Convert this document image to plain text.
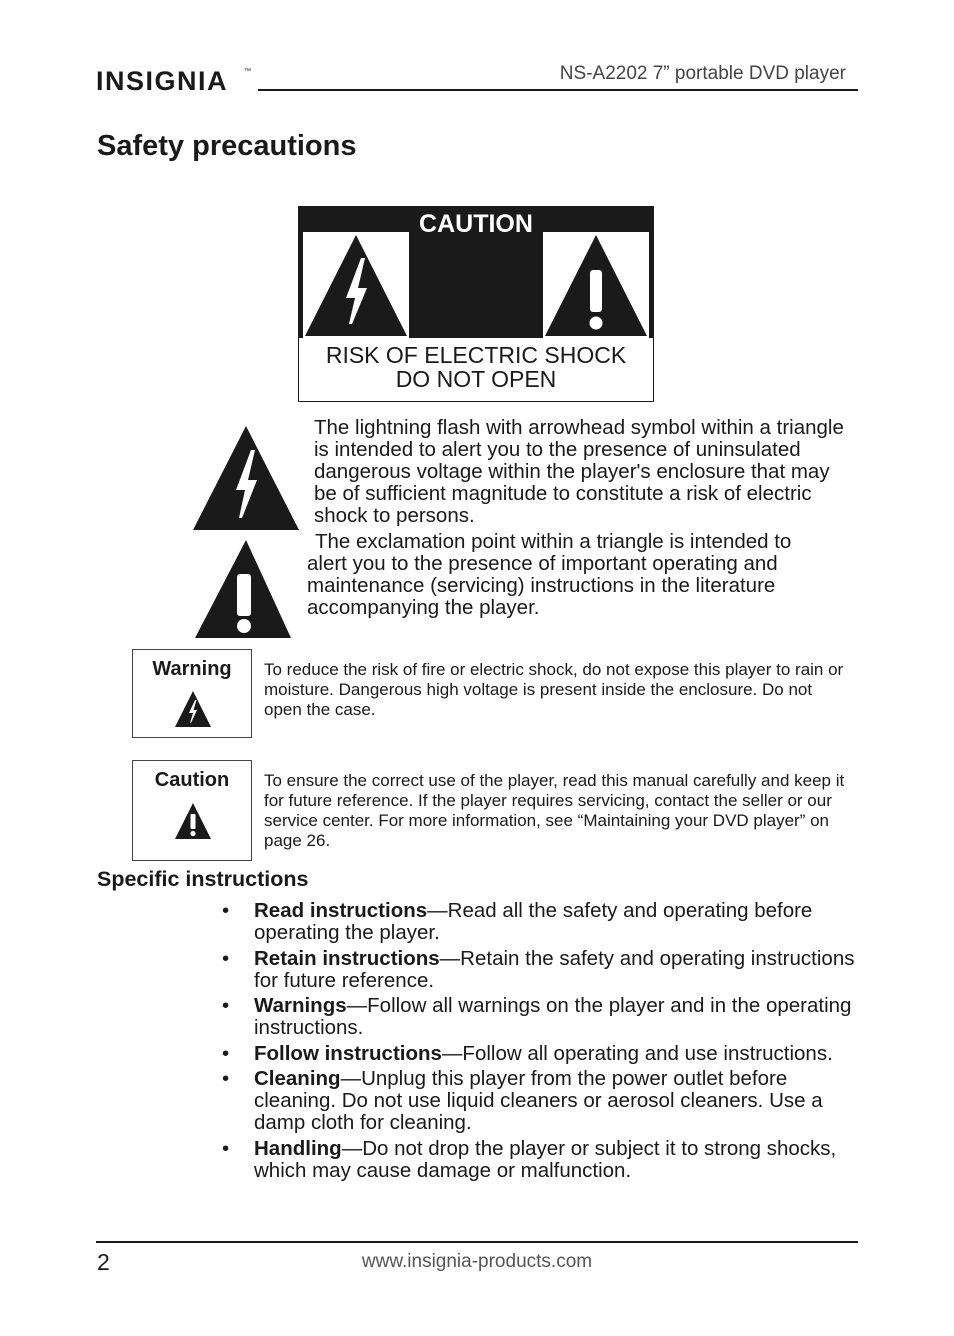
INSIGNIA ™	NS-A2202 7” portable DVD player
Safety precautions
CAUTION
RISK OF ELECTRIC SHOCK
DO NOT OPEN
The lightning flash with arrowhead symbol within a triangle is intended to alert you to the presence of uninsulated dangerous voltage within the player's enclosure that may be of sufficient magnitude to constitute a risk of electric shock to persons.
The exclamation point within a triangle is intended to
alert you to the presence of important operating and maintenance (servicing) instructions in the literature accompanying the player.
Warning	To reduce the risk of fire or electric shock, do not expose this player to rain or moisture. Dangerous high voltage is present inside the enclosure. Do not open the case.
Caution	To ensure the correct use of the player, read this manual carefully and keep it for future reference. If the player requires servicing, contact the seller or our service center. For more information, see “Maintaining your DVD player” on page 26.
Specific instructions
• Read instructions—Read all the safety and operating before operating the player.
• Retain instructions—Retain the safety and operating instructions for future reference.
• Warnings—Follow all warnings on the player and in the operating instructions.
• Follow instructions—Follow all operating and use instructions.
• Cleaning—Unplug this player from the power outlet before cleaning. Do not use liquid cleaners or aerosol cleaners. Use a damp cloth for cleaning.
• Handling—Do not drop the player or subject it to strong shocks, which may cause damage or malfunction.
2	www.insignia-products.com
